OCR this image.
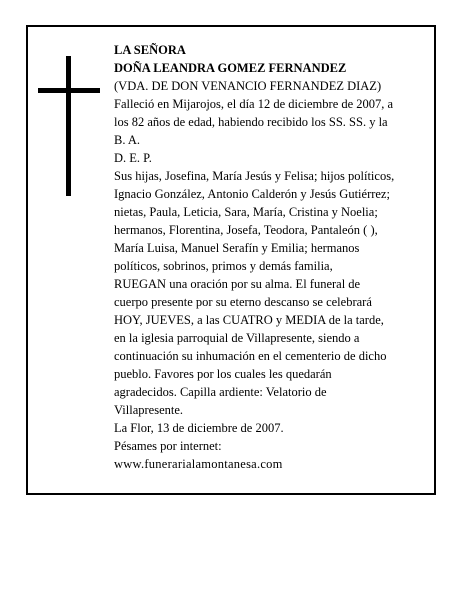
LA SEÑORA
DOÑA LEANDRA GOMEZ FERNANDEZ
(VDA. DE DON VENANCIO FERNANDEZ DIAZ)
Falleció en Mijarojos, el día 12 de diciembre de 2007, a
los 82 años de edad, habiendo recibido los SS. SS. y la
B. A.
D. E. P.
Sus hijas, Josefina, María Jesús y Felisa; hijos políticos,
Ignacio González, Antonio Calderón y Jesús Gutiérrez;
nietas, Paula, Leticia, Sara, María, Cristina y Noelia;
hermanos, Florentina, Josefa, Teodora, Pantaleón ( ),
María Luisa, Manuel Serafín y Emilia; hermanos
políticos, sobrinos, primos y demás familia,
RUEGAN una oración por su alma. El funeral de
cuerpo presente por su eterno descanso se celebrará
HOY, JUEVES, a las CUATRO y MEDIA de la tarde,
en la iglesia parroquial de Villapresente, siendo a
continuación su inhumación en el cementerio de dicho
pueblo. Favores por los cuales les quedarán
agradecidos. Capilla ardiente: Velatorio de
Villapresente.
La Flor, 13 de diciembre de 2007.
Pésames por internet:
www.funerarialamontanesa.com
